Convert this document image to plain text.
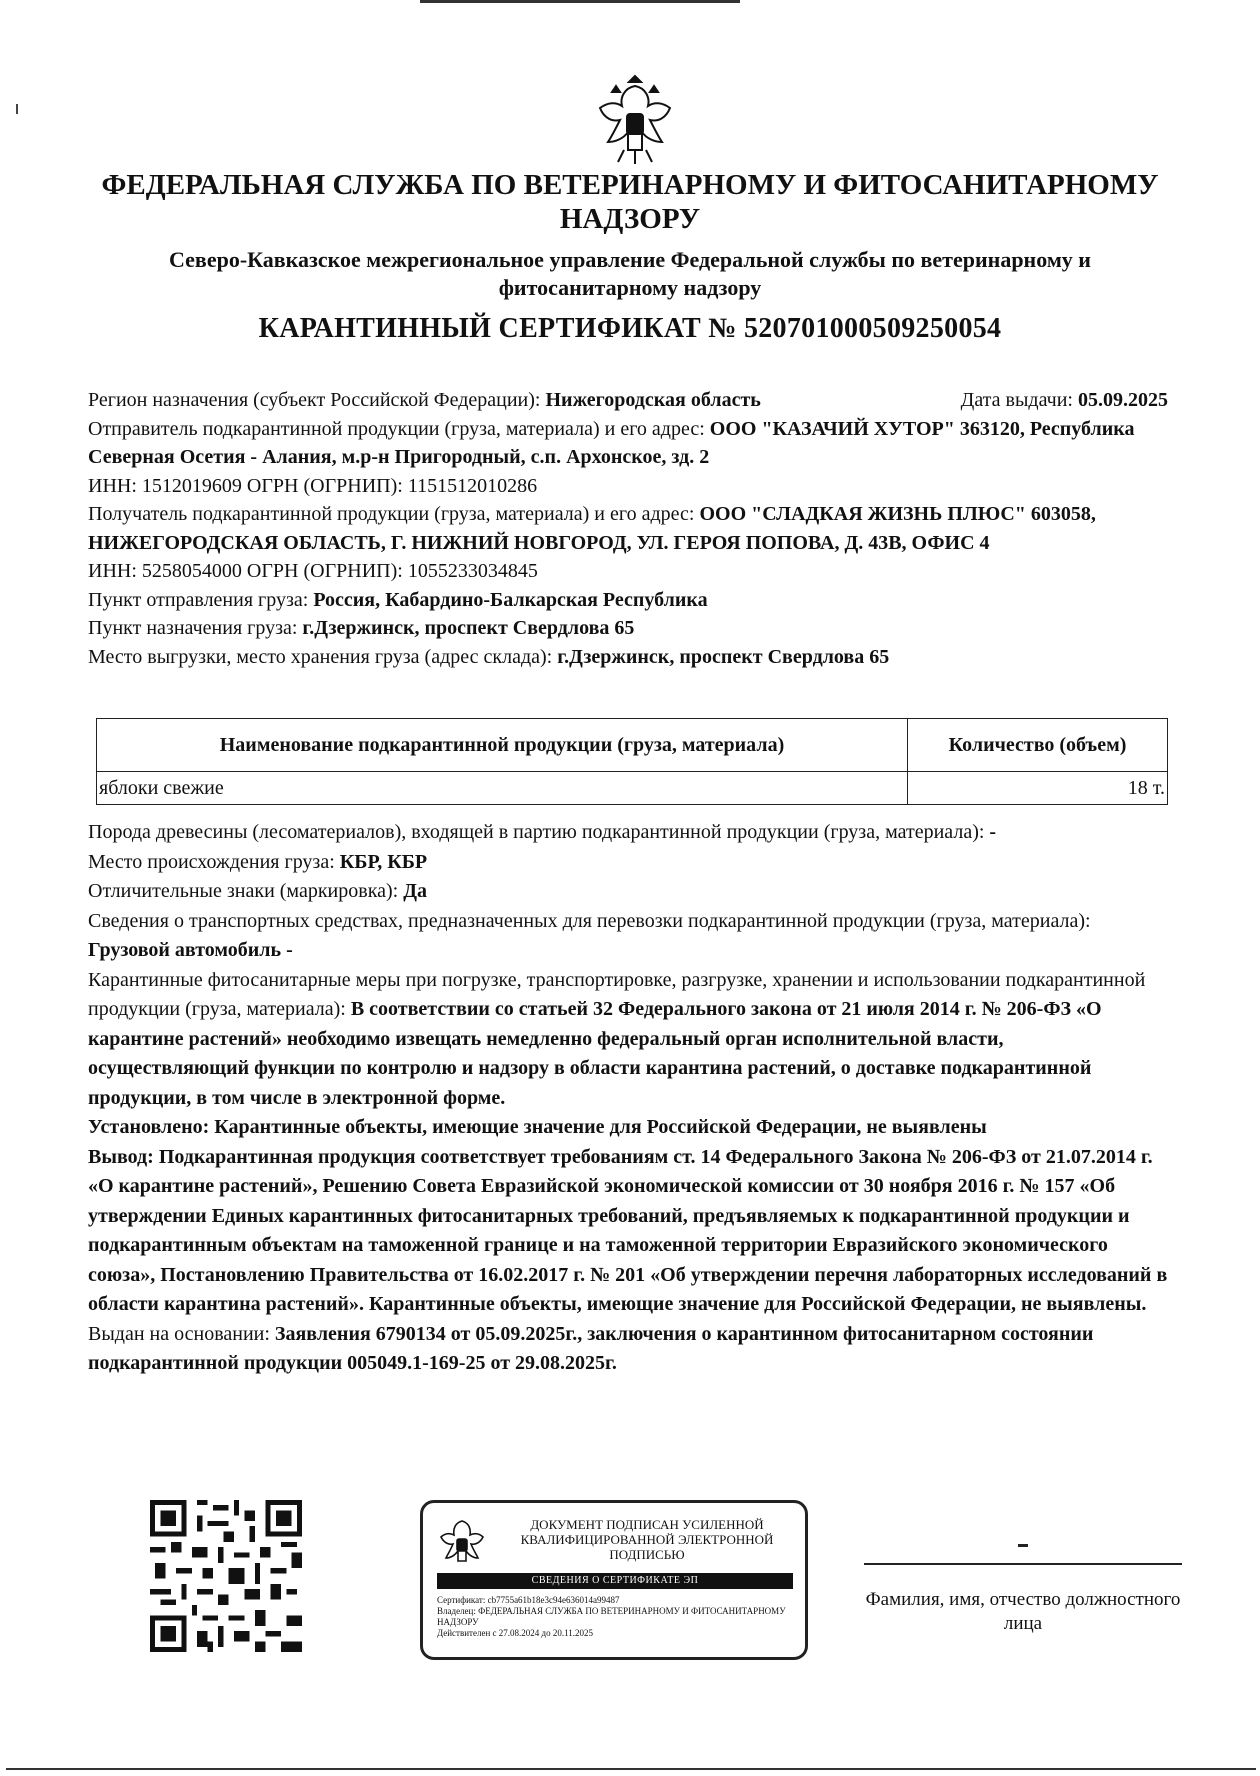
ФЕДЕРАЛЬНАЯ СЛУЖБА ПО ВЕТЕРИНАРНОМУ И ФИТОСАНИТАРНОМУ НАДЗОРУ
Северо-Кавказское межрегиональное управление Федеральной службы по ветеринарному и фитосанитарному надзору
КАРАНТИННЫЙ СЕРТИФИКАТ № 5207010005092500​54
Регион назначения (субъект Российской Федерации): Нижегородская область	Дата выдачи: 05.09.2025
Отправитель подкарантинной продукции (груза, материала) и его адрес: ООО "КАЗАЧИЙ ХУТОР" 363120, Республика Северная Осетия - Алания, м.р-н Пригородный, с.п. Архонское, зд. 2
ИНН: 1512019609 ОГРН (ОГРНИП): 1151512010286
Получатель подкарантинной продукции (груза, материала) и его адрес: ООО "СЛАДКАЯ ЖИЗНЬ ПЛЮС" 603058, НИЖЕГОРОДСКАЯ ОБЛАСТЬ, Г. НИЖНИЙ НОВГОРОД, УЛ. ГЕРОЯ ПОПОВА, Д. 43В, ОФИС 4
ИНН: 5258054000 ОГРН (ОГРНИП): 1055233034845
Пункт отправления груза: Россия, Кабардино-Балкарская Республика
Пункт назначения груза: г.Дзержинск, проспект Свердлова 65
Место выгрузки, место хранения груза (адрес склада): г.Дзержинск, проспект Свердлова 65
Наименование подкарантинной продукции (груза, материала)	Количество (объем)
яблоки свежие	18 т.
Порода древесины (лесоматериалов), входящей в партию подкарантинной продукции (груза, материала): -
Место происхождения груза: КБР, КБР
Отличительные знаки (маркировка): Да
Сведения о транспортных средствах, предназначенных для перевозки подкарантинной продукции (груза, материала): Грузовой автомобиль -
Карантинные фитосанитарные меры при погрузке, транспортировке, разгрузке, хранении и использовании подкарантинной продукции (груза, материала): В соответствии со статьей 32 Федерального закона от 21 июля 2014 г. № 206-ФЗ «О карантине растений» необходимо извещать немедленно федеральный орган исполнительной власти, осуществляющий функции по контролю и надзору в области карантина растений, о доставке подкарантинной продукции, в том числе в электронной форме.
Установлено: Карантинные объекты, имеющие значение для Российской Федерации, не выявлены
Вывод: Подкарантинная продукция соответствует требованиям ст. 14 Федерального Закона № 206-ФЗ от 21.07.2014 г. «О карантине растений», Решению Совета Евразийской экономической комиссии от 30 ноября 2016 г. № 157 «Об утверждении Единых карантинных фитосанитарных требований, предъявляемых к подкарантинной продукции и подкарантинным объектам на таможенной границе и на таможенной территории Евразийского экономического союза», Постановлению Правительства от 16.02.2017 г. № 201 «Об утверждении перечня лабораторных исследований в области карантина растений». Карантинные объекты, имеющие значение для Российской Федерации, не выявлены.
Выдан на основании: Заявления 6790134 от 05.09.2025г., заключения о карантинном фитосанитарном состоянии подкарантинной продукции 005049.1-169-25 от 29.08.2025г.
ДОКУМЕНТ ПОДПИСАН УСИЛЕННОЙ КВАЛИФИЦИРОВАННОЙ ЭЛЕКТРОННОЙ ПОДПИСЬЮ
СВЕДЕНИЯ О СЕРТИФИКАТЕ ЭП
Сертификат: cb7755a61b18e3c94e636014a99487
Владелец: ФЕДЕРАЛЬНАЯ СЛУЖБА ПО ВЕТЕРИНАРНОМУ И ФИТОСАНИТАРНОМУ НАДЗОРУ
Действителен с 27.08.2024 до 20.11.2025
Фамилия, имя, отчество должностного лица
